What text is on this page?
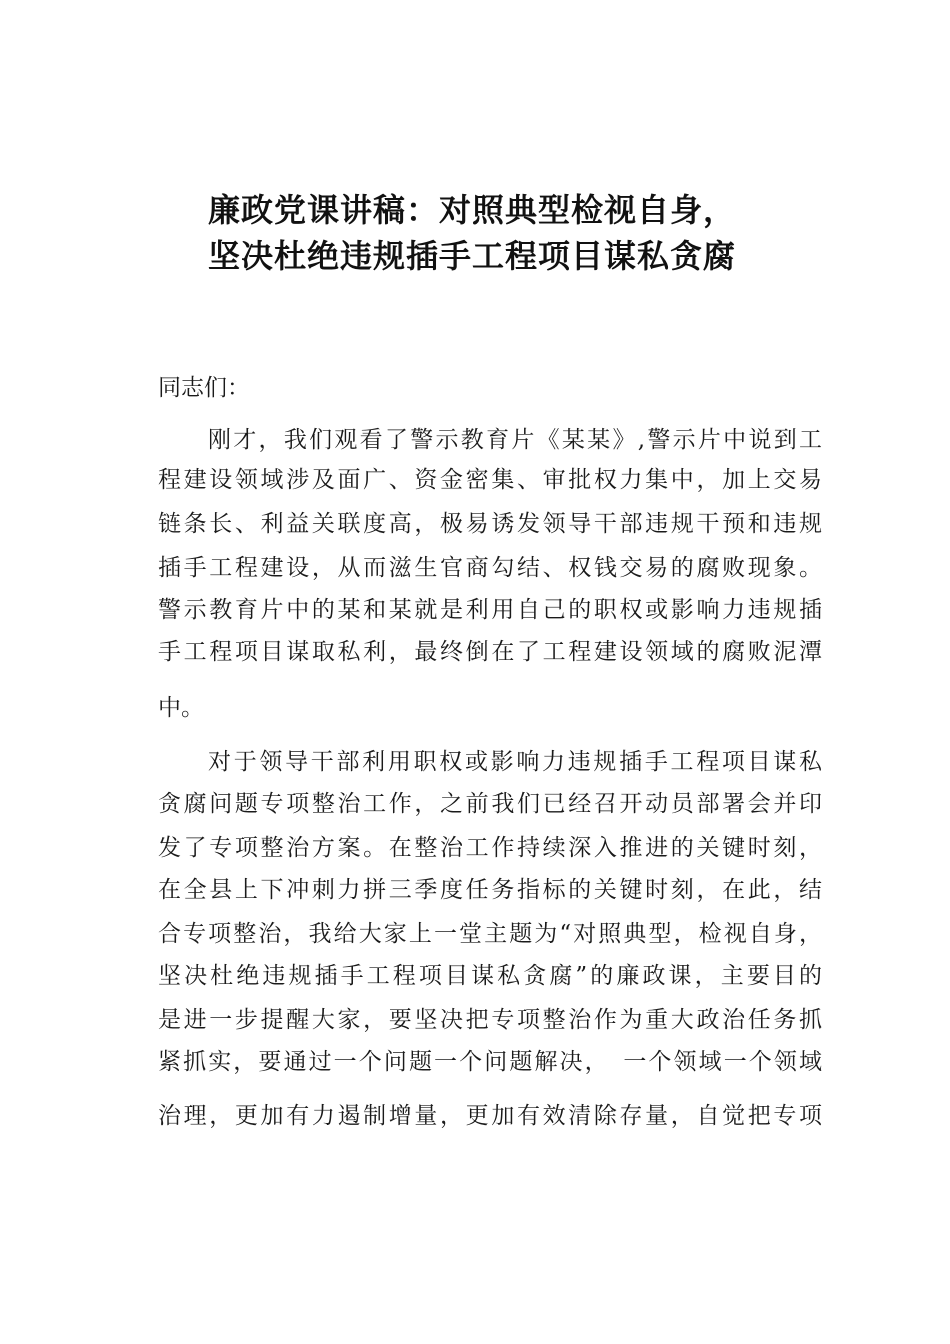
廉政党课讲稿：对照典型检视自身，
坚决杜绝违规插手工程项目谋私贪腐
同志们：
刚才，我们观看了警示教育片《某某》,警示片中说到工
程建设领域涉及面广、资金密集、审批权力集中，加上交易
链条长、利益关联度高，极易诱发领导干部违规干预和违规
插手工程建设，从而滋生官商勾结、权钱交易的腐败现象。
警示教育片中的某和某就是利用自己的职权或影响力违规插
手工程项目谋取私利，最终倒在了工程建设领域的腐败泥潭
中。
对于领导干部利用职权或影响力违规插手工程项目谋私
贪腐问题专项整治工作，之前我们已经召开动员部署会并印
发了专项整治方案。在整治工作持续深入推进的关键时刻，
在全县上下冲刺力拼三季度任务指标的关键时刻，在此，结
合专项整治，我给大家上一堂主题为“对照典型，检视自身，
坚决杜绝违规插手工程项目谋私贪腐”的廉政课，主要目的
是进一步提醒大家，要坚决把专项整治作为重大政治任务抓
紧抓实，要通过一个问题一个问题解决，　一个领域一个领域
治理，更加有力遏制增量，更加有效清除存量，自觉把专项
